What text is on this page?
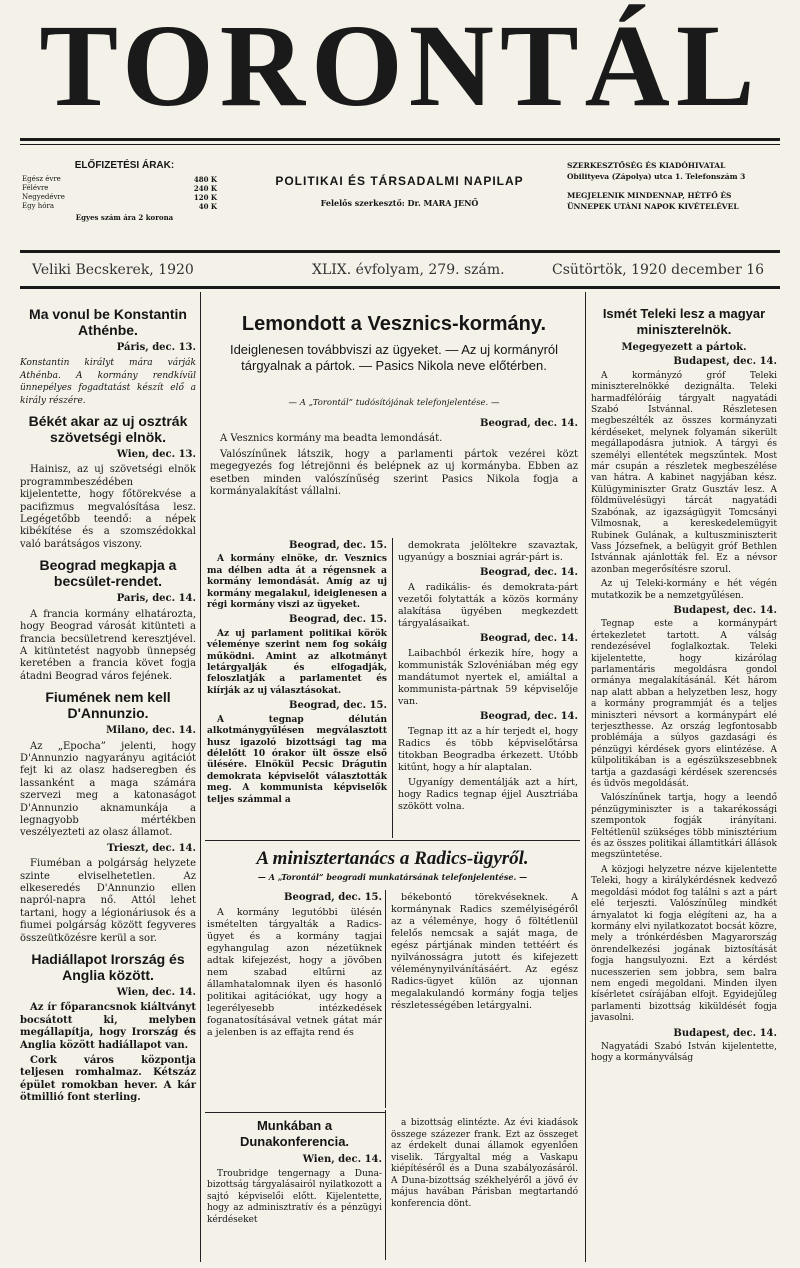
TORONTÁL
ELŐFIZETÉSI ÁRAK:
Egész évre	480 K
Félévre	240 K
Negyedévre	120 K
Egy hóra	40 K
Egyes szám ára 2 korona
POLITIKAI ÉS TÁRSADALMI NAPILAP
Felelős szerkesztő: Dr. MARA JENŐ
SZERKESZTŐSÉG ÉS KIADÓHIVATAL
Obilityeva (Zápolya) utca 1. Telefonszám 3
MEGJELENIK MINDENNAP, HÉTFŐ ÉS
ÜNNEPEK UTÁNI NAPOK KIVÉTELÉVEL
Veliki Becskerek, 1920	XLIX. évfolyam, 279. szám.	Csütörtök, 1920 december 16
Ma vonul be Konstantin Athénbe.

Páris, dec. 13.

Konstantin királyt mára várják Athénba. A kormány rendkívül ünnepélyes fogadtatást készít elő a király részére.

Békét akar az uj osztrák szövetségi elnök.

Wien, dec. 13.

Hainisz, az uj szövetségi elnök programmbeszédében kijelentette, hogy főtörekvése a pacifizmus megvalósítása lesz. Legégetőbb teendő: a népek kibékítése és a szomszédokkal való barátságos viszony.

Beograd megkapja a becsület-rendet.

Paris, dec. 14.

A francia kormány elhatározta, hogy Beograd városát kitünteti a francia becsületrend keresztjével. A kitüntetést nagyobb ünnepség keretében a francia követ fogja átadni Beograd város fejének.

Fiumének nem kell D'Annunzio.

Milano, dec. 14.

Az „Epocha” jelenti, hogy D'Annunzio nagyarányu agitációt fejt ki az olasz hadseregben és lassanként a maga számára szervezi meg a katonaságot D'Annunzio aknamunkája a legnagyobb mértékben veszélyezteti az olasz államot.

Trieszt, dec. 14.

Fiuméban a polgárság helyzete szinte elviselhetetlen. Az elkeseredés D'Annunzio ellen napról-napra nő. Attól lehet tartani, hogy a légionáriusok és a fiumei polgárság között fegyveres összeütközésre kerül a sor.

Hadiállapot Irország és Anglia között.

Wien, dec. 14.

Az ír főparancsnok kiáltványt bocsátott ki, melyben megállapítja, hogy Irország és Anglia között hadiállapot van.

Cork város központja teljesen romhalmaz. Kétszáz épület romokban hever. A kár ötmillió font sterling.

Lemondott a Vesznics-kormány.
Ideiglenesen továbbviszi az ügyeket. — Az uj kormányról tárgyalnak a pártok. — Pasics Nikola neve előtérben.
— A „Torontál” tudósítójának telefonjelentése. —

Beograd, dec. 14.

A Vesznics kormány ma beadta lemondását.

Valószínűnek látszik, hogy a parlamenti pártok vezérei közt megegyezés fog létrejönni és belépnek az uj kormányba. Ebben az esetben minden valószínűség szerint Pasics Nikola fogja a kormányalakítást vállalni.

Beograd, dec. 15.

A kormány elnöke, dr. Vesznics ma délben adta át a régensnek a kormány lemondását. Amíg az uj kormány megalakul, ideiglenesen a régi kormány viszi az ügyeket.

Beograd, dec. 15.

Az uj parlament politikai körök véleménye szerint nem fog sokáig működni. Amint az alkotmányt letárgyalják és elfogadják, feloszlatják a parlamentet és kiírják az uj választásokat.

Beograd, dec. 15.

A tegnap délután alkotmánygyűlésen megválasztott husz igazoló bizottsági tag ma délelőtt 10 órakor ült össze első ülésére. Elnökül Pecsic Drágutin demokrata képviselőt választották meg. A kommunista képviselők teljes számmal a

demokrata jelöltekre szavaztak, ugyanúgy a boszniai agrár-párt is.

Beograd, dec. 14.

A radikális- és demokrata-párt vezetői folytatták a közös kormány alakítása ügyében megkezdett tárgyalásaikat.

Beograd, dec. 14.

Laibachból érkezik híre, hogy a kommunisták Szlovéniában még egy mandátumot nyertek el, amiáltal a kommunista-pártnak 59 képviselője van.

Beograd, dec. 14.

Tegnap itt az a hír terjedt el, hogy Radics és több képviselőtársa titokban Beogradba érkezett. Utóbb kitűnt, hogy a hír alaptalan.

Ugyanígy dementálják azt a hírt, hogy Radics tegnap éjjel Ausztriába szökött volna.

A minisztertanács a Radics-ügyről.
— A „Torontál” beogradi munkatársának telefonjelentése. —

Beograd, dec. 15.

A kormány legutóbbi ülésén ismételten tárgyalták a Radics-ügyet és a kormány tagjai egyhangulag azon nézetüknek adtak kifejezést, hogy a jövőben nem szabad eltűrni az államhatalomnak ilyen és hasonló politikai agitációkat, ugy hogy a legerélyesebb intézkedések foganatosításával vetnek gátat már a jelenben is az effajta rend és

békebontó törekvéseknek. A kormánynak Radics személyiségéről az a véleménye, hogy ő föltétlenül felelős nemcsak a saját maga, de egész pártjának minden tettéért és nyilvánosságra jutott és kifejezett véleménynyilvánításáért. Az egész Radics-ügyet külön az ujonnan megalakulandó kormány fogja teljes részletességében letárgyalni.

Munkában a Dunakonferencia.

Wien, dec. 14.

Troubridge tengernagy a Duna-bizottság tárgyalásairól nyilatkozott a sajtó képviselői előtt. Kijelentette, hogy az adminisztratív és a pénzügyi kérdéseket

a bizottság elintézte. Az évi kiadások összege százezer frank. Ezt az összeget az érdekelt dunai államok egyenlően viselik. Tárgyaltal még a Vaskapu kiépítéséről és a Duna szabályozásáról. A Duna-bizottság székhelyéről a jövő év május havában Párisban megtartandó konferencia dönt.

Ismét Teleki lesz a magyar miniszterelnök.

Megegyezett a pártok.

Budapest, dec. 14.

A kormányzó gróf Teleki miniszterelnökké dezignálta. Teleki harmadfélóráig tárgyalt nagyatádi Szabó Istvánnal. Részletesen megbeszélték az összes kormányzati kérdéseket, melynek folyamán sikerült megállapodásra jutniok. A tárgyi és személyi ellentétek megszűntek. Most már csupán a részletek megbeszélése van hátra. A kabinet nagyjában kész. Külügyminiszter Gratz Gusztáv lesz. A földmüvelésügyi tárcát nagyatádi Szabónak, az igazságügyit Tomcsányi Vilmosnak, a kereskedelemügyit Rubinek Gulának, a kultuszminiszterit Vass Józsefnek, a belügyit gróf Bethlen Istvánnak ajánlották fel. Ez a névsor azonban megerősítésre szorul.

Az uj Teleki-kormány e hét végén mutatkozik be a nemzetgyűlésen.

Budapest, dec. 14.

Tegnap este a kormánypárt értekezletet tartott. A válság rendezésével foglalkoztak. Teleki kijelentette, hogy kizárólag parlamentáris megoldásra gondol ormánya megalakításánál. Két három nap alatt abban a helyzetben lesz, hogy a kormány programmját és a teljes miniszteri névsort a kormánypárt elé terjeszthesse. Az ország legfontosabb problémája a súlyos gazdasági és pénzügyi kérdések gyors elintézése. A külpolitikában is a egészükszesebbnek tartja a gazdasági kérdések szerencsés és üdvös megoldását.

Valószínűnek tartja, hogy a leendő pénzügyminiszter is a takarékossági szempontok fogják irányítani. Feltétlenül szükséges több minisztérium és az összes politikai államtitkári állások megszüntetése.

A közjogi helyzetre nézve kijelentette Teleki, hogy a királykérdésnek kedvező megoldási módot fog találni s azt a párt elé terjeszti. Valószínűleg mindkét árnyalatot ki fogja elégíteni az, ha a kormány elvi nyilatkozatot bocsát közre, mely a trónkérdésben Magyarország önrendelkezési jogának biztosítását fogja hangsulyozni. Ezt a kérdést nucesszerien sem jobbra, sem balra nem engedi megoldani. Minden ilyen kísérletet csírájában elfojt. Egyidejűleg parlamenti bizottság kiküldését fogja javasolni.

Budapest, dec. 14.

Nagyatádi Szabó István kijelentette, hogy a kormányválság
